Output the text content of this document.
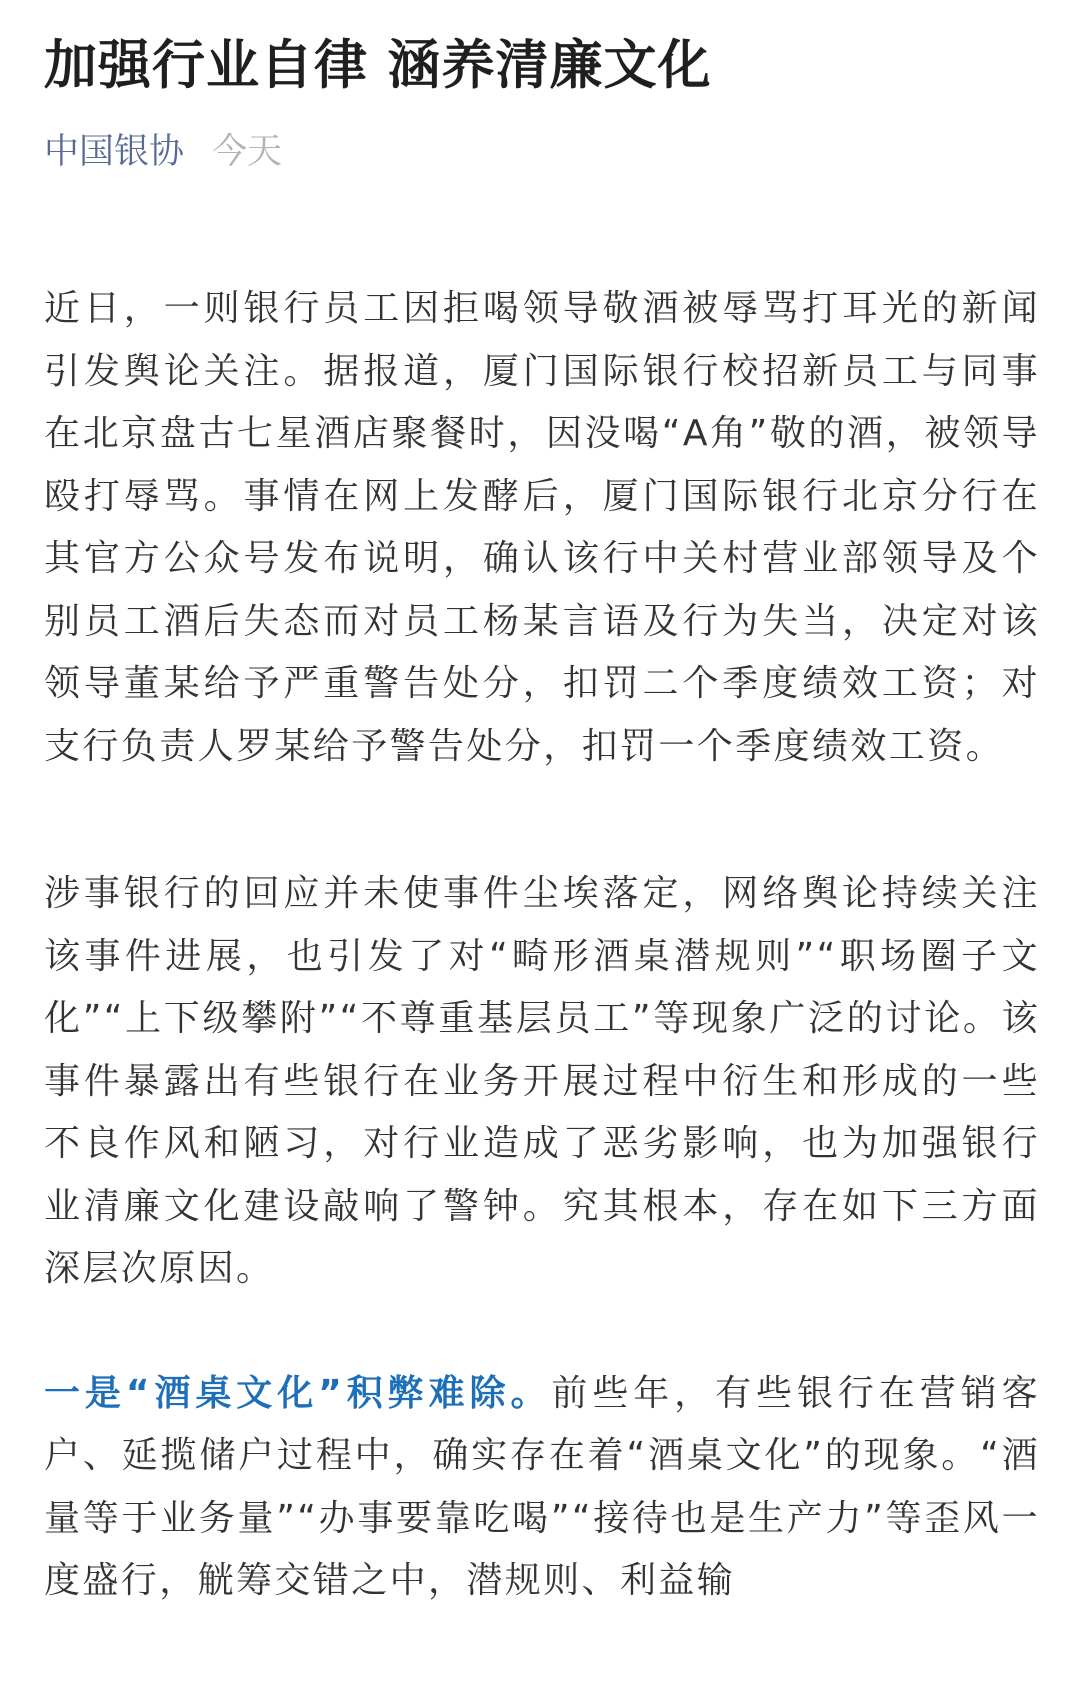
加强行业自律 涵养清廉文化
中国银协 今天

近日，一则银行员工因拒喝领导敬酒被辱骂打耳光的新闻引发舆论关注。据报道，厦门国际银行校招新员工与同事在北京盘古七星酒店聚餐时，因没喝“A角”敬的酒，被领导殴打辱骂。事情在网上发酵后，厦门国际银行北京分行在其官方公众号发布说明，确认该行中关村营业部领导及个别员工酒后失态而对员工杨某言语及行为失当，决定对该领导董某给予严重警告处分，扣罚二个季度绩效工资；对支行负责人罗某给予警告处分，扣罚一个季度绩效工资。

涉事银行的回应并未使事件尘埃落定，网络舆论持续关注该事件进展，也引发了对“畸形酒桌潜规则”“职场圈子文化”“上下级攀附”“不尊重基层员工”等现象广泛的讨论。该事件暴露出有些银行在业务开展过程中衍生和形成的一些不良作风和陋习，对行业造成了恶劣影响，也为加强银行业清廉文化建设敲响了警钟。究其根本，存在如下三方面深层次原因。

一是“酒桌文化”积弊难除。前些年，有些银行在营销客户、延揽储户过程中，确实存在着“酒桌文化”的现象。“酒量等于业务量”“办事要靠吃喝”“接待也是生产力”等歪风一度盛行，觥筹交错之中，潜规则、利益输
